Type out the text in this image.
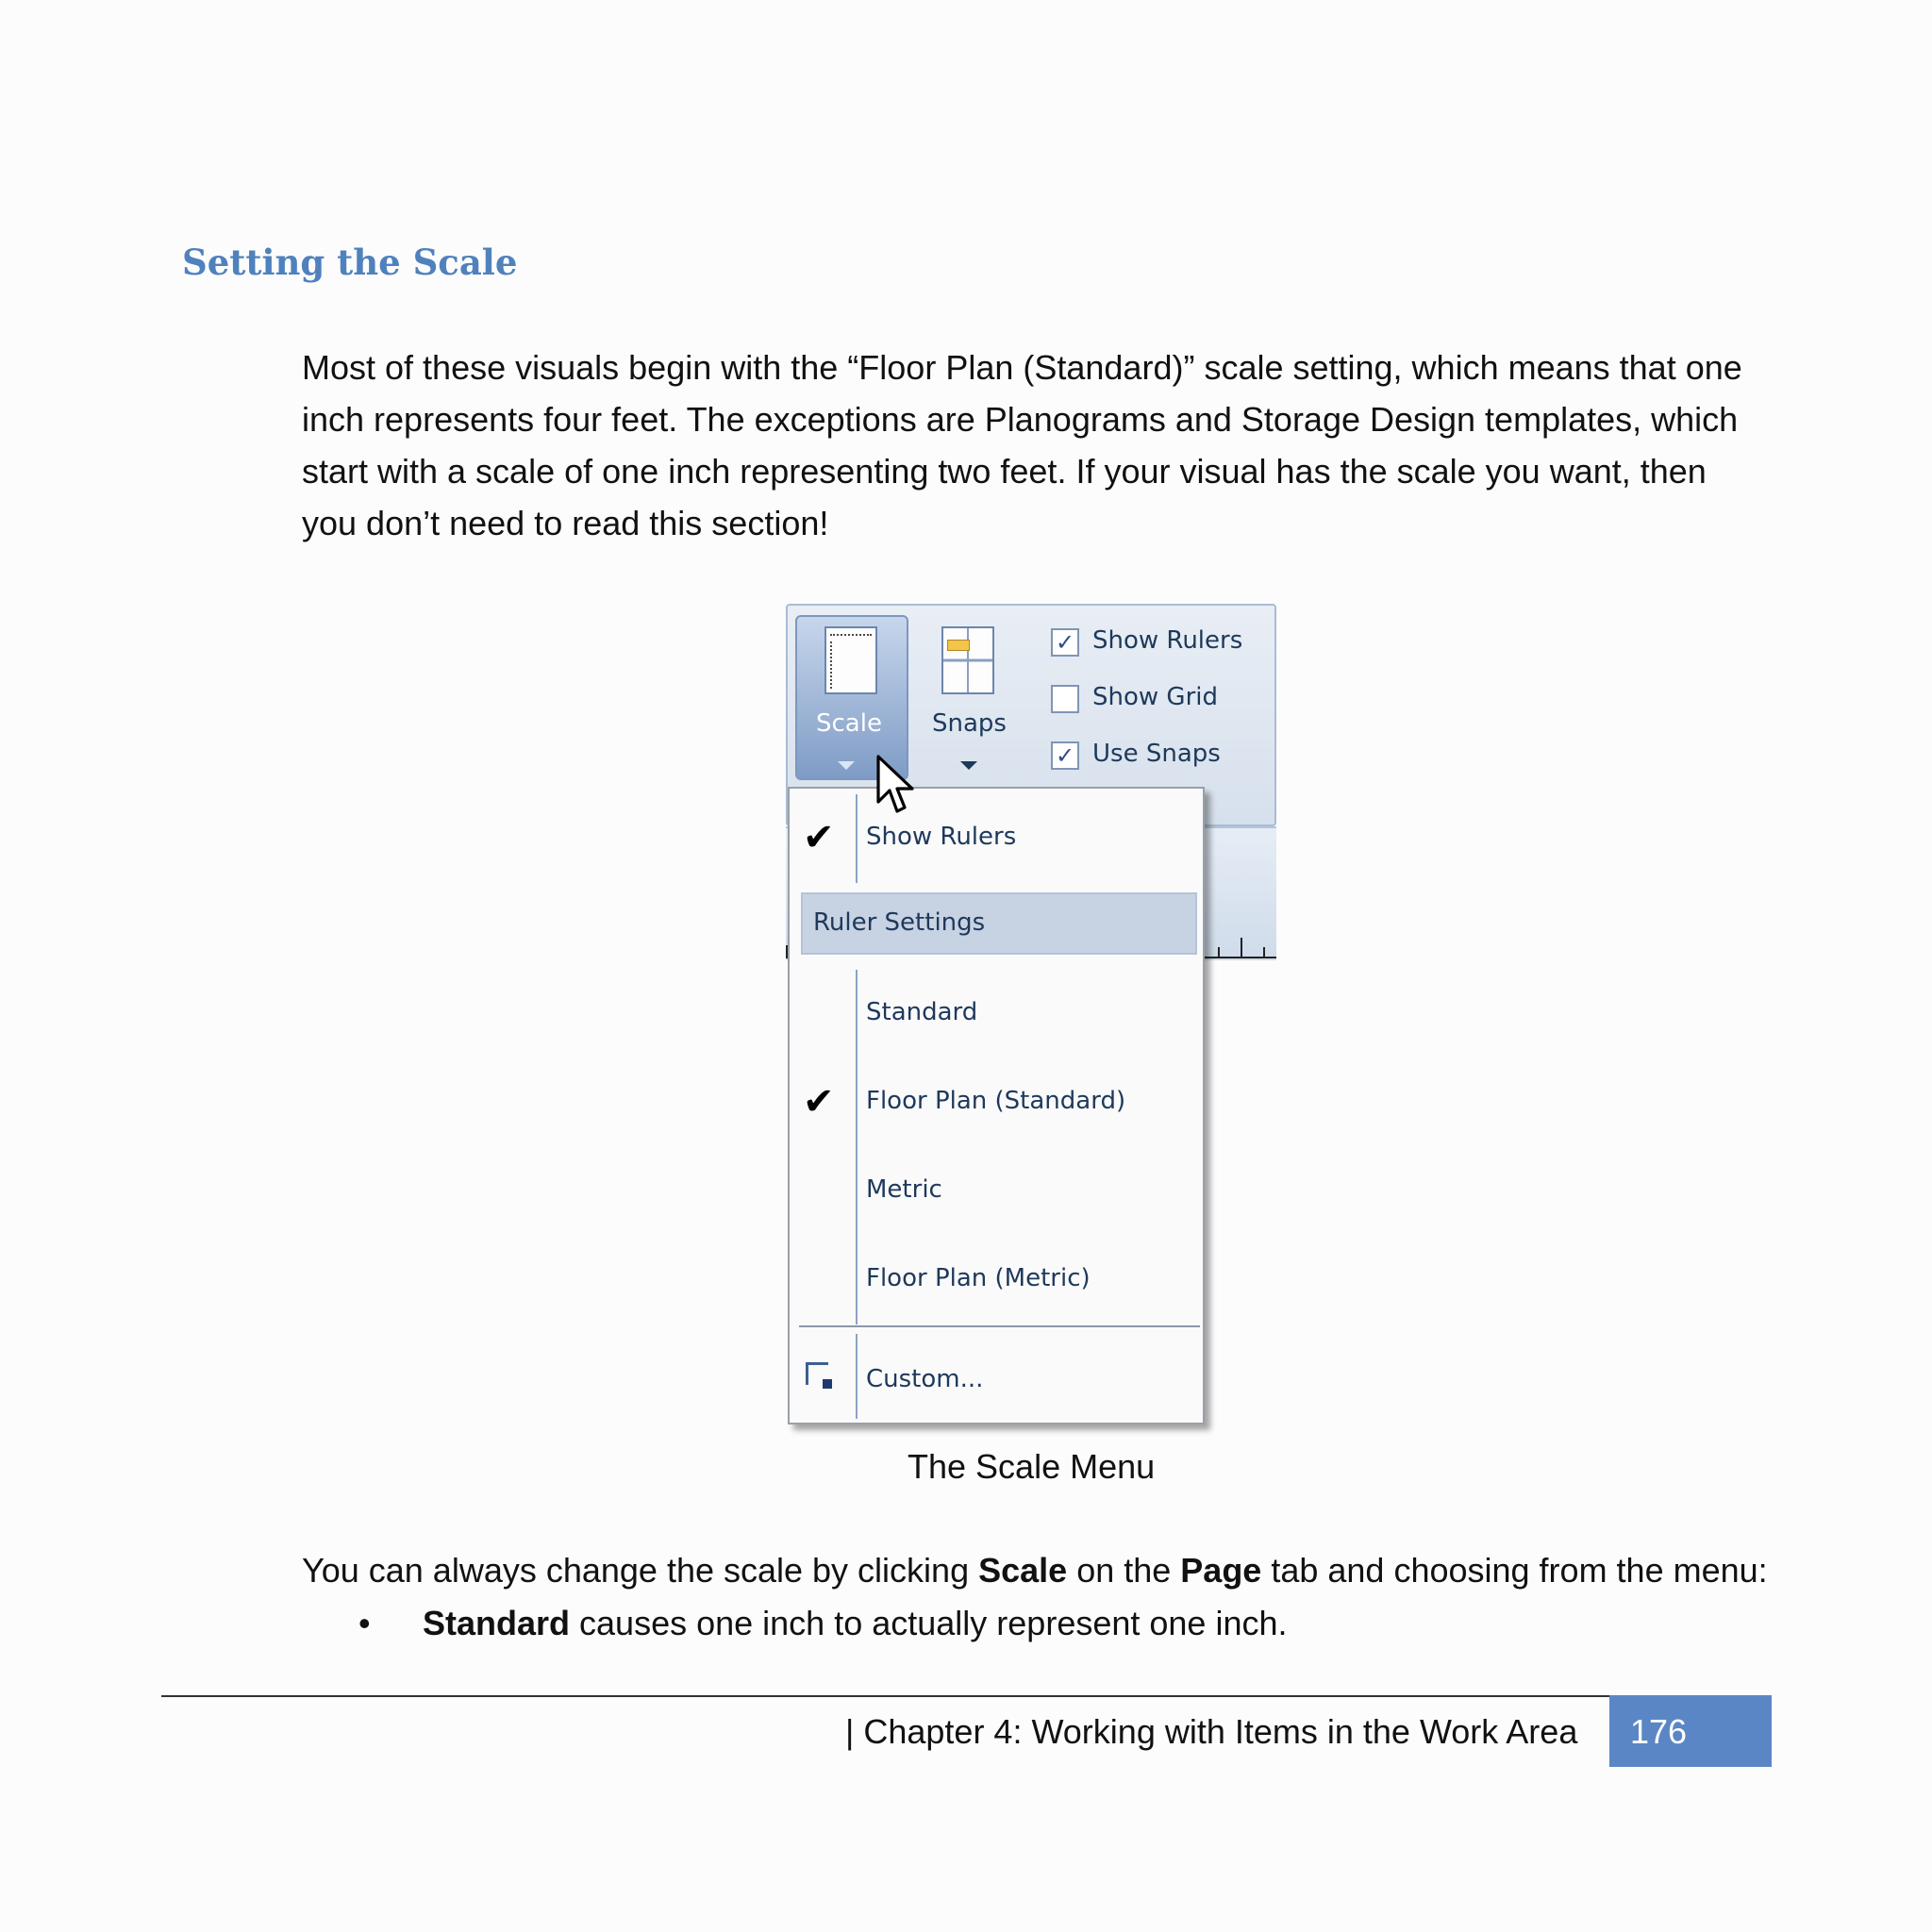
Setting the Scale
Most of these visuals begin with the “Floor Plan (Standard)” scale setting, which means that one
inch represents four feet. The exceptions are Planograms and Storage Design templates, which
start with a scale of one inch representing two feet. If your visual has the scale you want, then
you don’t need to read this section!
Scale Snaps
✓ Show Rulers
Show Grid
✓ Use Snaps
✔ Show Rulers
Ruler Settings
Standard
✔ Floor Plan (Standard)
Metric
Floor Plan (Metric)
Custom...
The Scale Menu
You can always change the scale by clicking Scale on the Page tab and choosing from the menu:
• Standard causes one inch to actually represent one inch.
| Chapter 4: Working with Items in the Work Area 176
